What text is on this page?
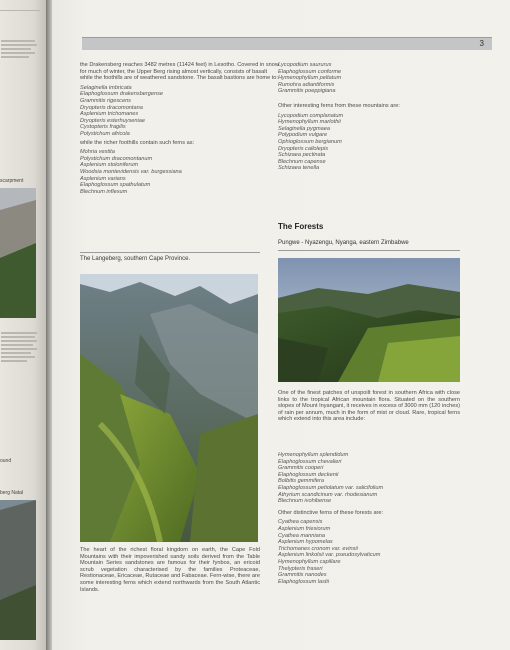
scarpment
ound
berg Natal
3

the Drakensberg reaches 3482 metres (11424 feet) in Lesotho. Covered in snow for much of winter, the Upper Berg rising almost vertically, consists of basalt while the foothills are of weathered sandstone. The basalt bastions are home to:

Selaginella imbricata
Elaphoglossum drakensbergense
Grammitis rigescens
Dryopteris dracomontana
Asplenium trichomanes
Dryopteris esterhuyseniae
Cystopteris fragilis
Polystichum africola

while the richer foothills contain such ferns as:

Mohria vestita
Polystichum dracomontanum
Asplenium stoloniferum
Woodsia montevidensis var. burgessiana
Asplenium varians
Elaphoglossum spathulatum
Blechnum inflexum
The Langeberg, southern Cape Province.
The heart of the richest floral kingdom on earth, the Cape Fold Mountains with their impoverished sandy soils derived from the Table Mountain Series sandstones are famous for their fynbos, an ericoid scrub vegetation characterised by the families Proteaceae, Restionaceae, Ericaceae, Rutaceae and Fabaceae. Fern-wise, there are some interesting ferns which extend northwards from the South Atlantic Islands.
Lycopodium saururus
Elaphoglossum conforme
Hymenophyllum peltatum
Rumohra adiantiformis
Grammitis poeppigiana

Other interesting ferns from these mountains are:

Lycopodium complanatum
Hymenophyllum marlothii
Selaginella pygmaea
Polypodium vulgare
Ophioglossum bergianum
Dryopteris callolepis
Schizaea pectinata
Blechnum capense
Schizaea tenella
The Forests
Pungwe - Nyazengu, Nyanga, eastern Zimbabwe
One of the finest patches of unspoilt forest in southern Africa with close links to the tropical African mountain flora. Situated on the southern slopes of Mount Inyangani, it receives in excess of 3000 mm (120 inches) of rain per annum, much in the form of mist or cloud. Rare, tropical ferns which extend into this area include:
Hymenophyllum splendidum
Elaphoglossum chevalieri
Grammitis cooperi
Elaphoglossum deckenii
Bolbitis gemmifera
Elaphoglossum petiolatum var. salicifolium
Athyrium scandicinum var. rhodesianum
Blechnum ivohibense

Other distinctive ferns of these forests are:

Cyathea capensis
Asplenium friesiorum
Cyathea manniana
Asplenium hypomelas
Trichomanes cronom var. evinsii
Asplenium linkolsii var. pseudosylvaticum
Hymenophyllum capillare
Thelypteris fraseri
Grammitis nanodes
Elaphoglossum lastii
